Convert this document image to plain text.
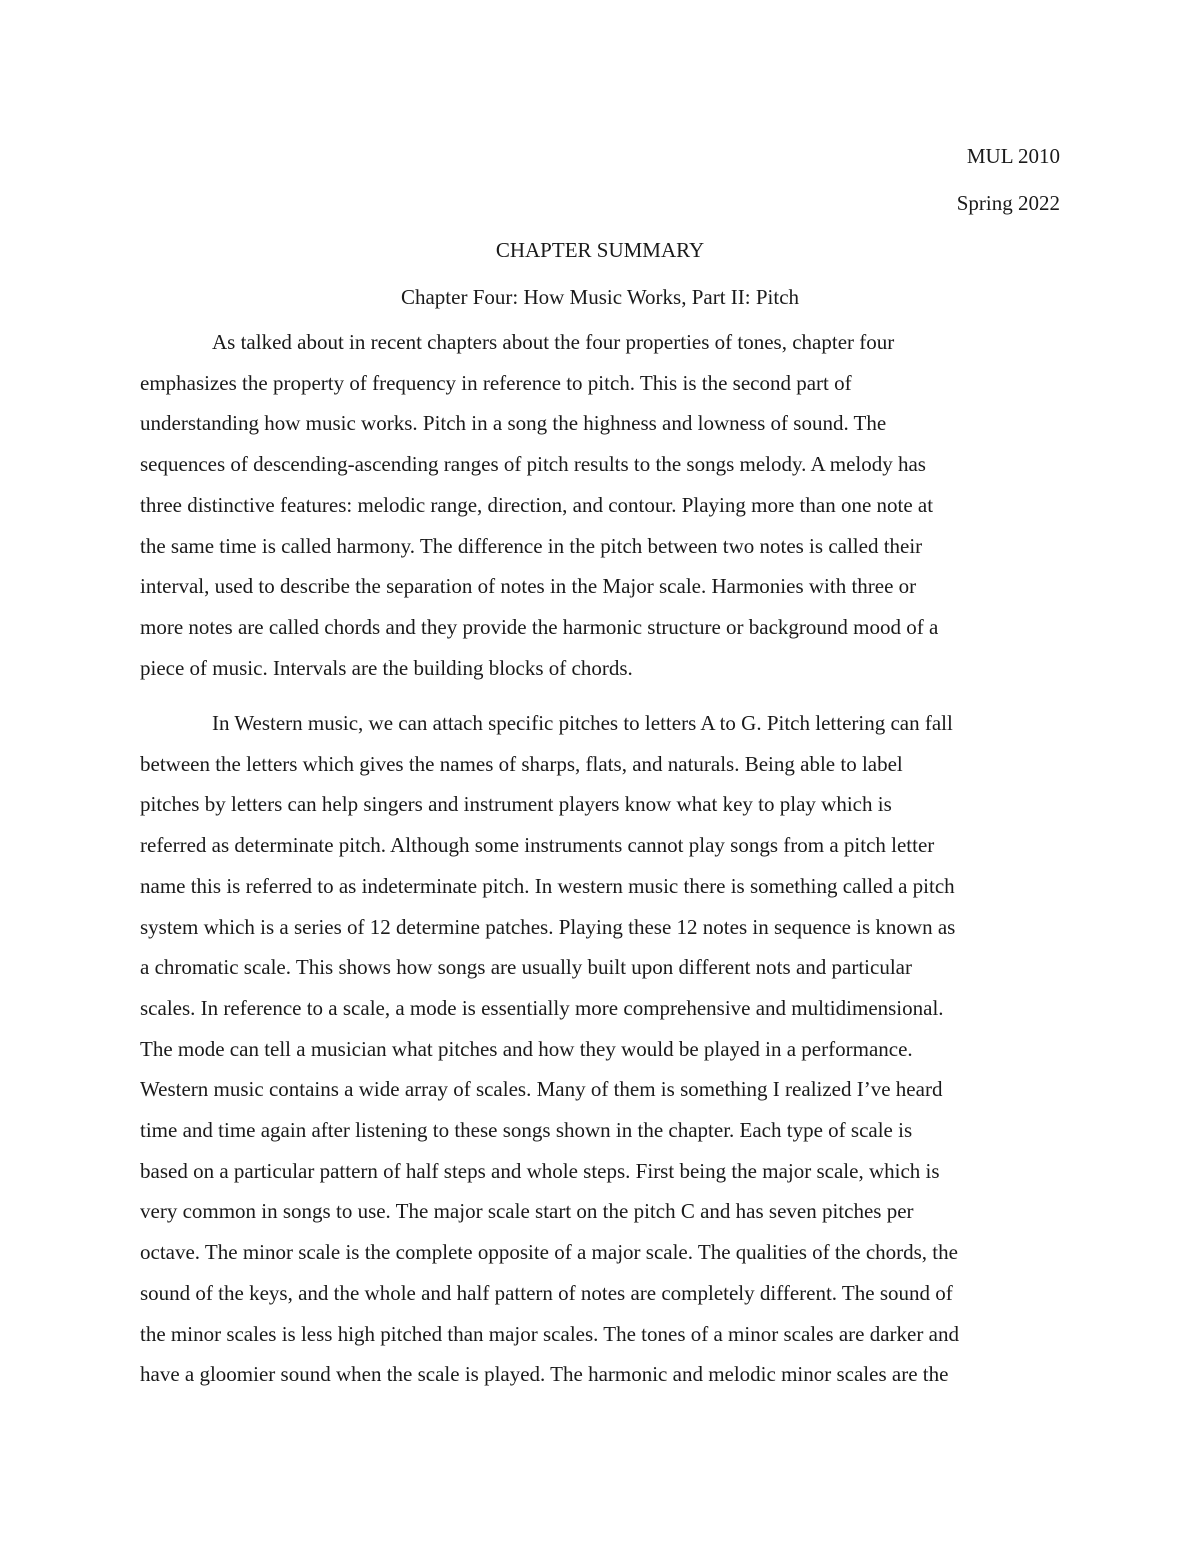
MUL 2010
Spring 2022
CHAPTER SUMMARY
Chapter Four: How Music Works, Part II: Pitch
As talked about in recent chapters about the four properties of tones, chapter four
emphasizes the property of frequency in reference to pitch. This is the second part of
understanding how music works. Pitch in a song the highness and lowness of sound. The
sequences of descending-ascending ranges of pitch results to the songs melody. A melody has
three distinctive features: melodic range, direction, and contour. Playing more than one note at
the same time is called harmony. The difference in the pitch between two notes is called their
interval, used to describe the separation of notes in the Major scale. Harmonies with three or
more notes are called chords and they provide the harmonic structure or background mood of a
piece of music. Intervals are the building blocks of chords.
In Western music, we can attach specific pitches to letters A to G. Pitch lettering can fall
between the letters which gives the names of sharps, flats, and naturals. Being able to label
pitches by letters can help singers and instrument players know what key to play which is
referred as determinate pitch. Although some instruments cannot play songs from a pitch letter
name this is referred to as indeterminate pitch. In western music there is something called a pitch
system which is a series of 12 determine patches. Playing these 12 notes in sequence is known as
a chromatic scale. This shows how songs are usually built upon different nots and particular
scales. In reference to a scale, a mode is essentially more comprehensive and multidimensional.
The mode can tell a musician what pitches and how they would be played in a performance.
Western music contains a wide array of scales. Many of them is something I realized I’ve heard
time and time again after listening to these songs shown in the chapter. Each type of scale is
based on a particular pattern of half steps and whole steps. First being the major scale, which is
very common in songs to use. The major scale start on the pitch C and has seven pitches per
octave. The minor scale is the complete opposite of a major scale. The qualities of the chords, the
sound of the keys, and the whole and half pattern of notes are completely different. The sound of
the minor scales is less high pitched than major scales. The tones of a minor scales are darker and
have a gloomier sound when the scale is played. The harmonic and melodic minor scales are the
